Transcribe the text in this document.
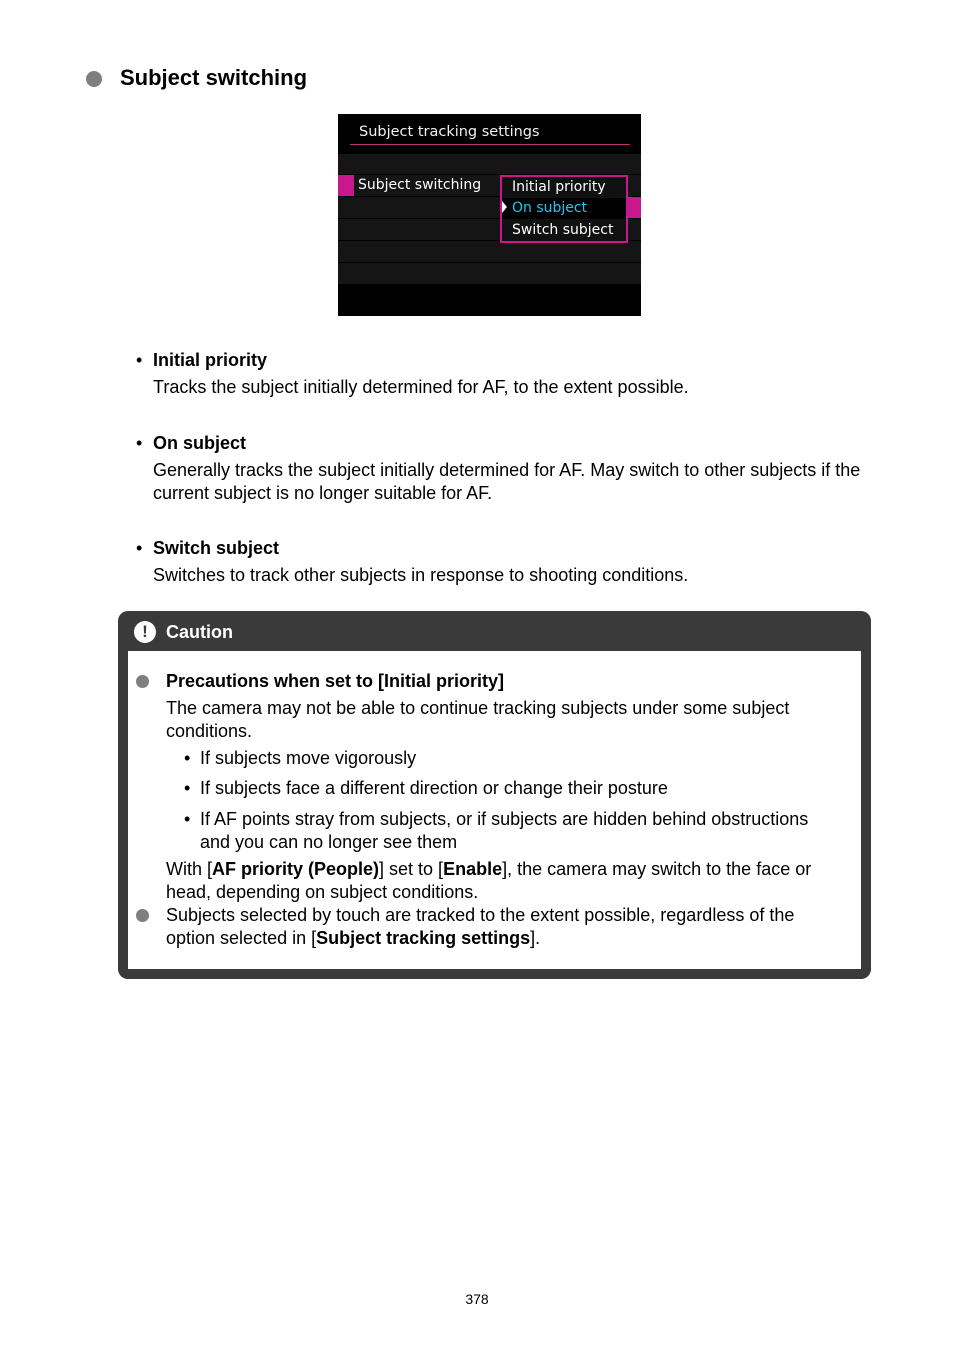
Subject switching
Subject tracking settings
Subject switching Initial priority
On subject
Switch subject
• Initial priority
Tracks the subject initially determined for AF, to the extent possible.
• On subject
Generally tracks the subject initially determined for AF. May switch to other subjects if the current subject is no longer suitable for AF.
• Switch subject
Switches to track other subjects in response to shooting conditions.
!	Caution
Precautions when set to [Initial priority]
The camera may not be able to continue tracking subjects under some subject conditions.
• If subjects move vigorously
• If subjects face a different direction or change their posture
• If AF points stray from subjects, or if subjects are hidden behind obstructions and you can no longer see them
With [AF priority (People)] set to [Enable], the camera may switch to the face or head, depending on subject conditions.
Subjects selected by touch are tracked to the extent possible, regardless of the option selected in [Subject tracking settings].
378
